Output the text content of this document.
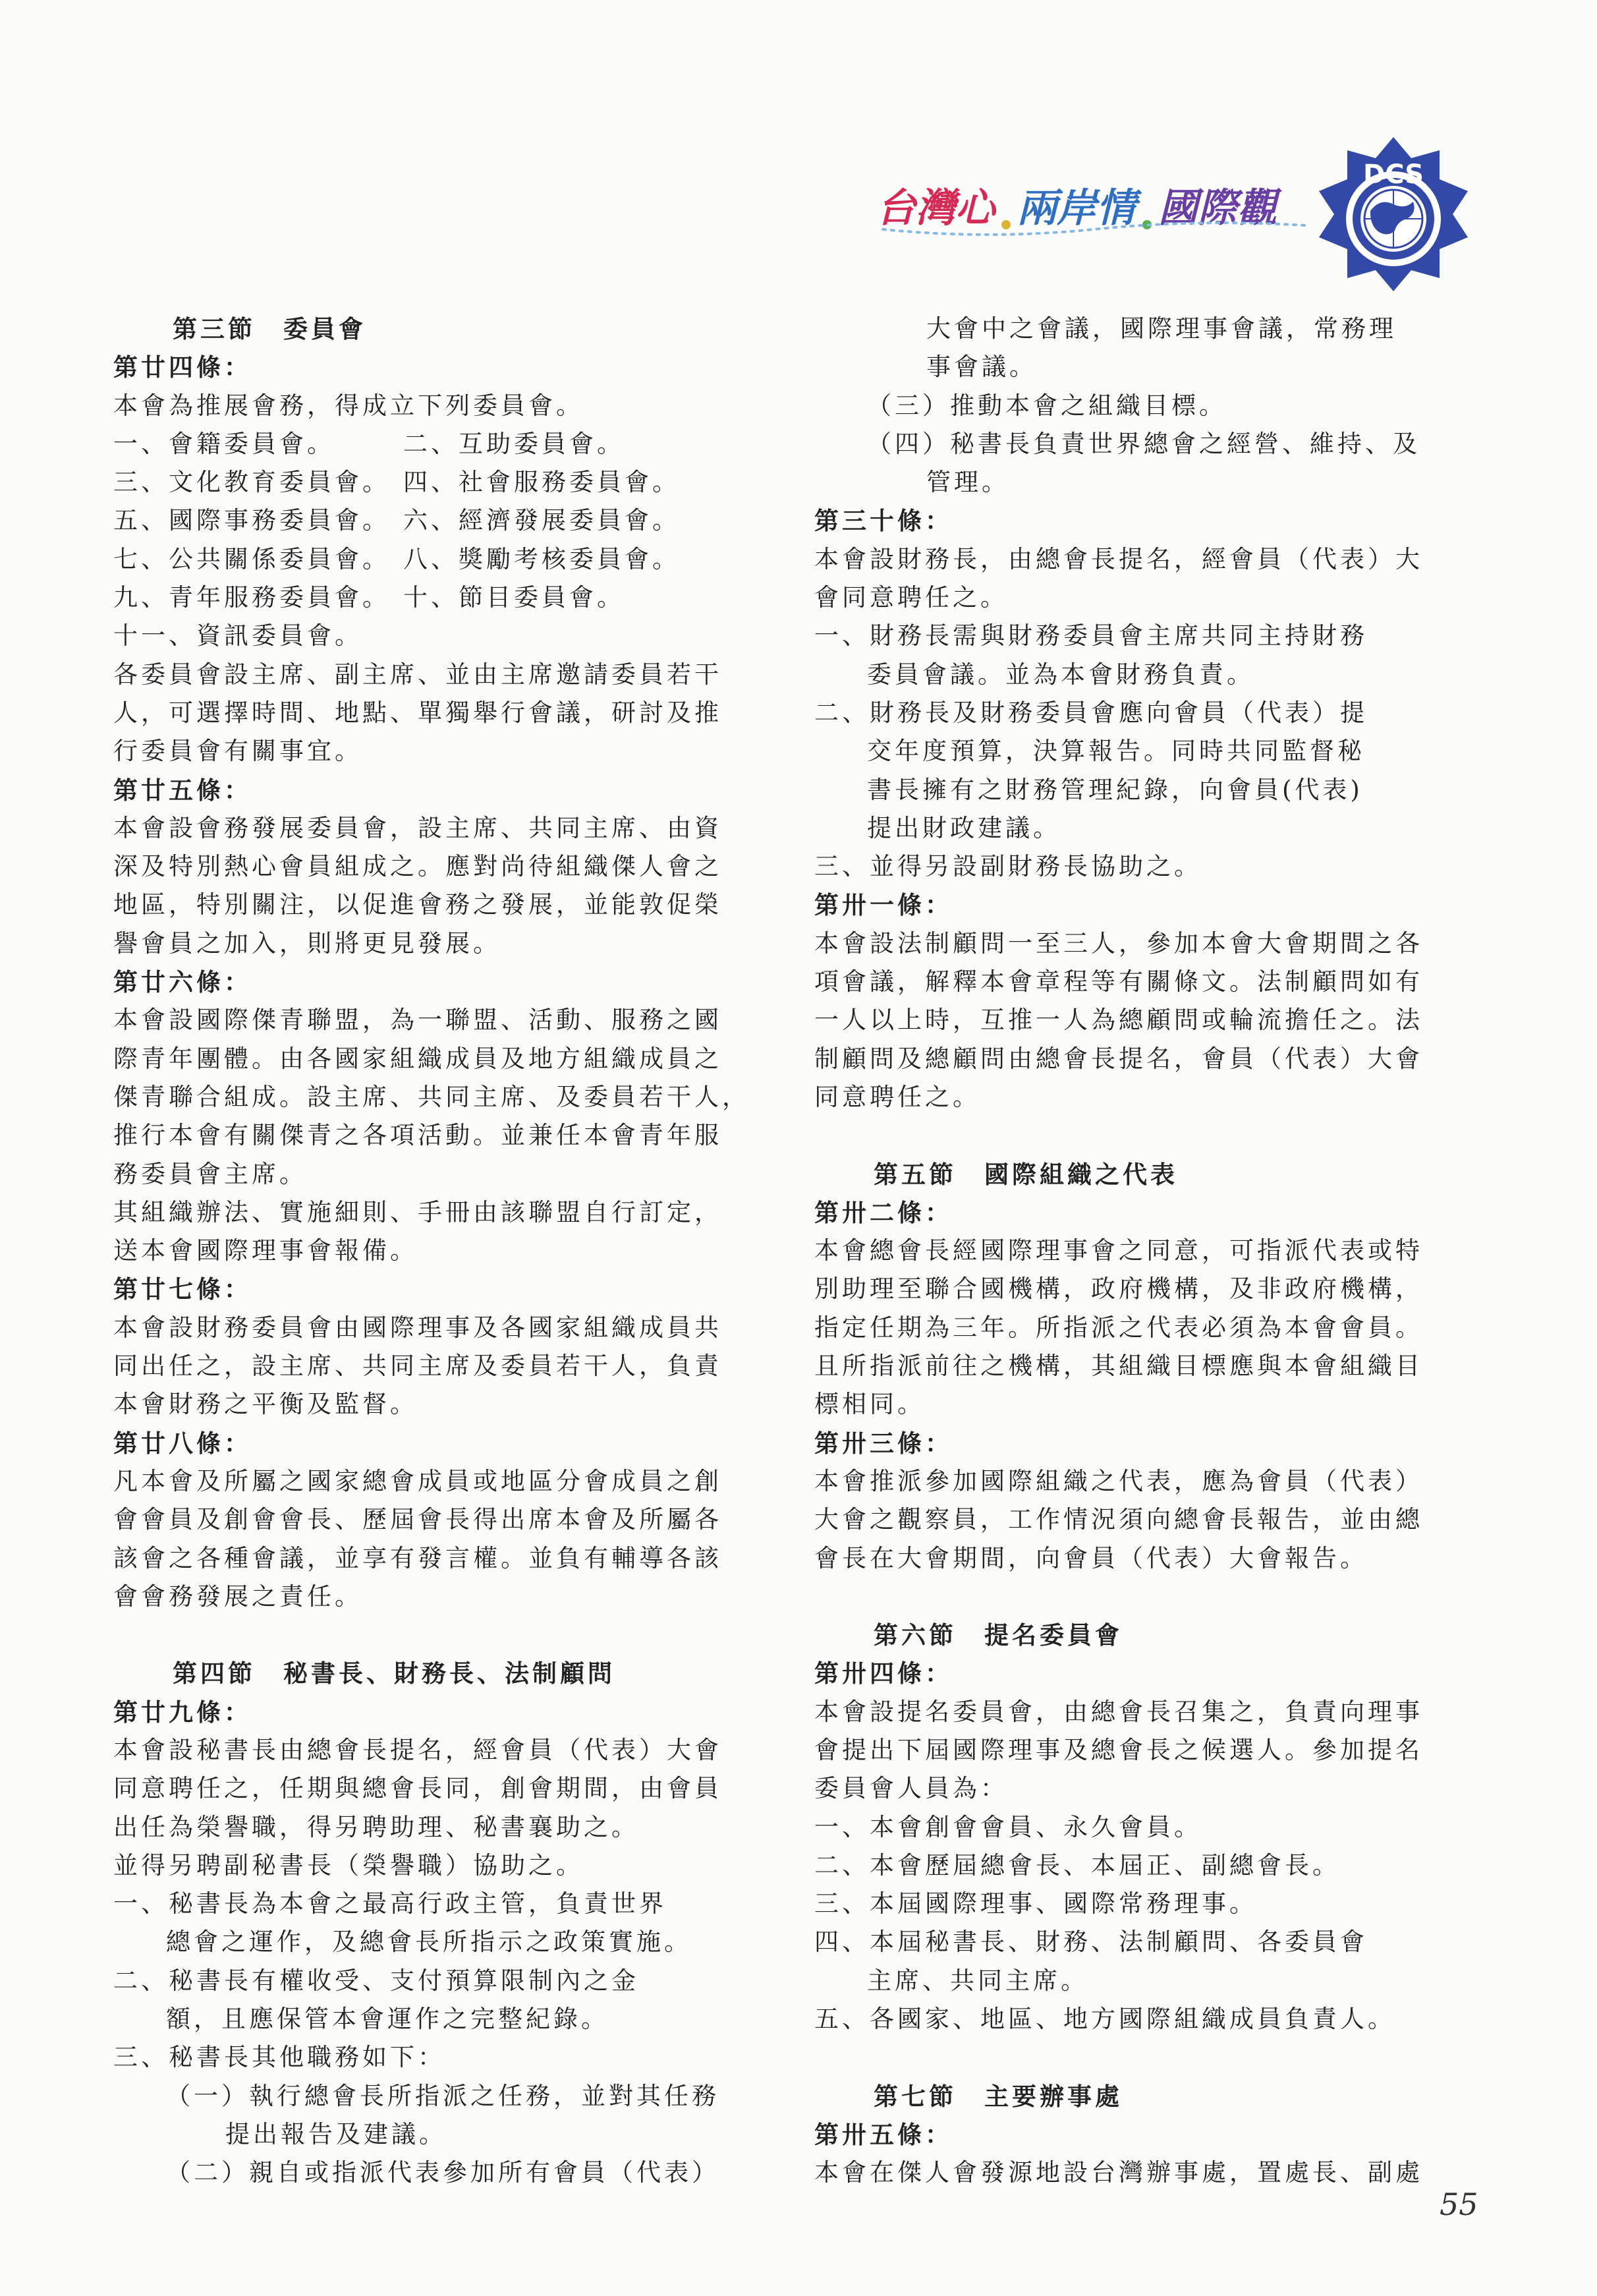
台灣心 兩岸情 國際觀
DCS
第三節　委員會
第廿四條：
本會為推展會務，得成立下列委員會。
一、會籍委員會。	二、互助委員會。
三、文化教育委員會。 四、社會服務委員會。
五、國際事務委員會。 六、經濟發展委員會。
七、公共關係委員會。 八、獎勵考核委員會。
九、青年服務委員會。 十、節目委員會。
十一、資訊委員會。
各委員會設主席、副主席、並由主席邀請委員若干
人，可選擇時間、地點、單獨舉行會議，研討及推
行委員會有關事宜。
第廿五條：
本會設會務發展委員會，設主席、共同主席、由資
深及特別熱心會員組成之。應對尚待組織傑人會之
地區，特別關注，以促進會務之發展，並能敦促榮
譽會員之加入，則將更見發展。
第廿六條：
本會設國際傑青聯盟，為一聯盟、活動、服務之國
際青年團體。由各國家組織成員及地方組織成員之
傑青聯合組成。設主席、共同主席、及委員若干人，
推行本會有關傑青之各項活動。並兼任本會青年服
務委員會主席。
其組織辦法、實施細則、手冊由該聯盟自行訂定，
送本會國際理事會報備。
第廿七條：
本會設財務委員會由國際理事及各國家組織成員共
同出任之，設主席、共同主席及委員若干人，負責
本會財務之平衡及監督。
第廿八條：
凡本會及所屬之國家總會成員或地區分會成員之創
會會員及創會會長、歷屆會長得出席本會及所屬各
該會之各種會議，並享有發言權。並負有輔導各該
會會務發展之責任。
第四節　秘書長、財務長、法制顧問
第廿九條：
本會設秘書長由總會長提名，經會員（代表）大會
同意聘任之，任期與總會長同，創會期間，由會員
出任為榮譽職，得另聘助理、秘書襄助之。
並得另聘副秘書長（榮譽職）協助之。
一、秘書長為本會之最高行政主管，負責世界
總會之運作，及總會長所指示之政策實施。
二、秘書長有權收受、支付預算限制內之金
額，且應保管本會運作之完整紀錄。
三、秘書長其他職務如下：
（一）執行總會長所指派之任務，並對其任務
提出報告及建議。
（二）親自或指派代表參加所有會員（代表）
大會中之會議，國際理事會議，常務理
事會議。
（三）推動本會之組織目標。
（四）秘書長負責世界總會之經營、維持、及
管理。
第三十條：
本會設財務長，由總會長提名，經會員（代表）大
會同意聘任之。
一、財務長需與財務委員會主席共同主持財務
委員會議。並為本會財務負責。
二、財務長及財務委員會應向會員（代表）提
交年度預算，決算報告。同時共同監督秘
書長擁有之財務管理紀錄，向會員(代表)
提出財政建議。
三、並得另設副財務長協助之。
第卅一條：
本會設法制顧問一至三人，參加本會大會期間之各
項會議，解釋本會章程等有關條文。法制顧問如有
一人以上時，互推一人為總顧問或輪流擔任之。法
制顧問及總顧問由總會長提名，會員（代表）大會
同意聘任之。
第五節　國際組織之代表
第卅二條：
本會總會長經國際理事會之同意，可指派代表或特
別助理至聯合國機構，政府機構，及非政府機構，
指定任期為三年。所指派之代表必須為本會會員。
且所指派前往之機構，其組織目標應與本會組織目
標相同。
第卅三條：
本會推派參加國際組織之代表，應為會員（代表）
大會之觀察員，工作情況須向總會長報告，並由總
會長在大會期間，向會員（代表）大會報告。
第六節　提名委員會
第卅四條：
本會設提名委員會，由總會長召集之，負責向理事
會提出下屆國際理事及總會長之候選人。參加提名
委員會人員為：
一、本會創會會員、永久會員。
二、本會歷屆總會長、本屆正、副總會長。
三、本屆國際理事、國際常務理事。
四、本屆秘書長、財務、法制顧問、各委員會
主席、共同主席。
五、各國家、地區、地方國際組織成員負責人。
第七節　主要辦事處
第卅五條：
本會在傑人會發源地設台灣辦事處，置處長、副處
55
